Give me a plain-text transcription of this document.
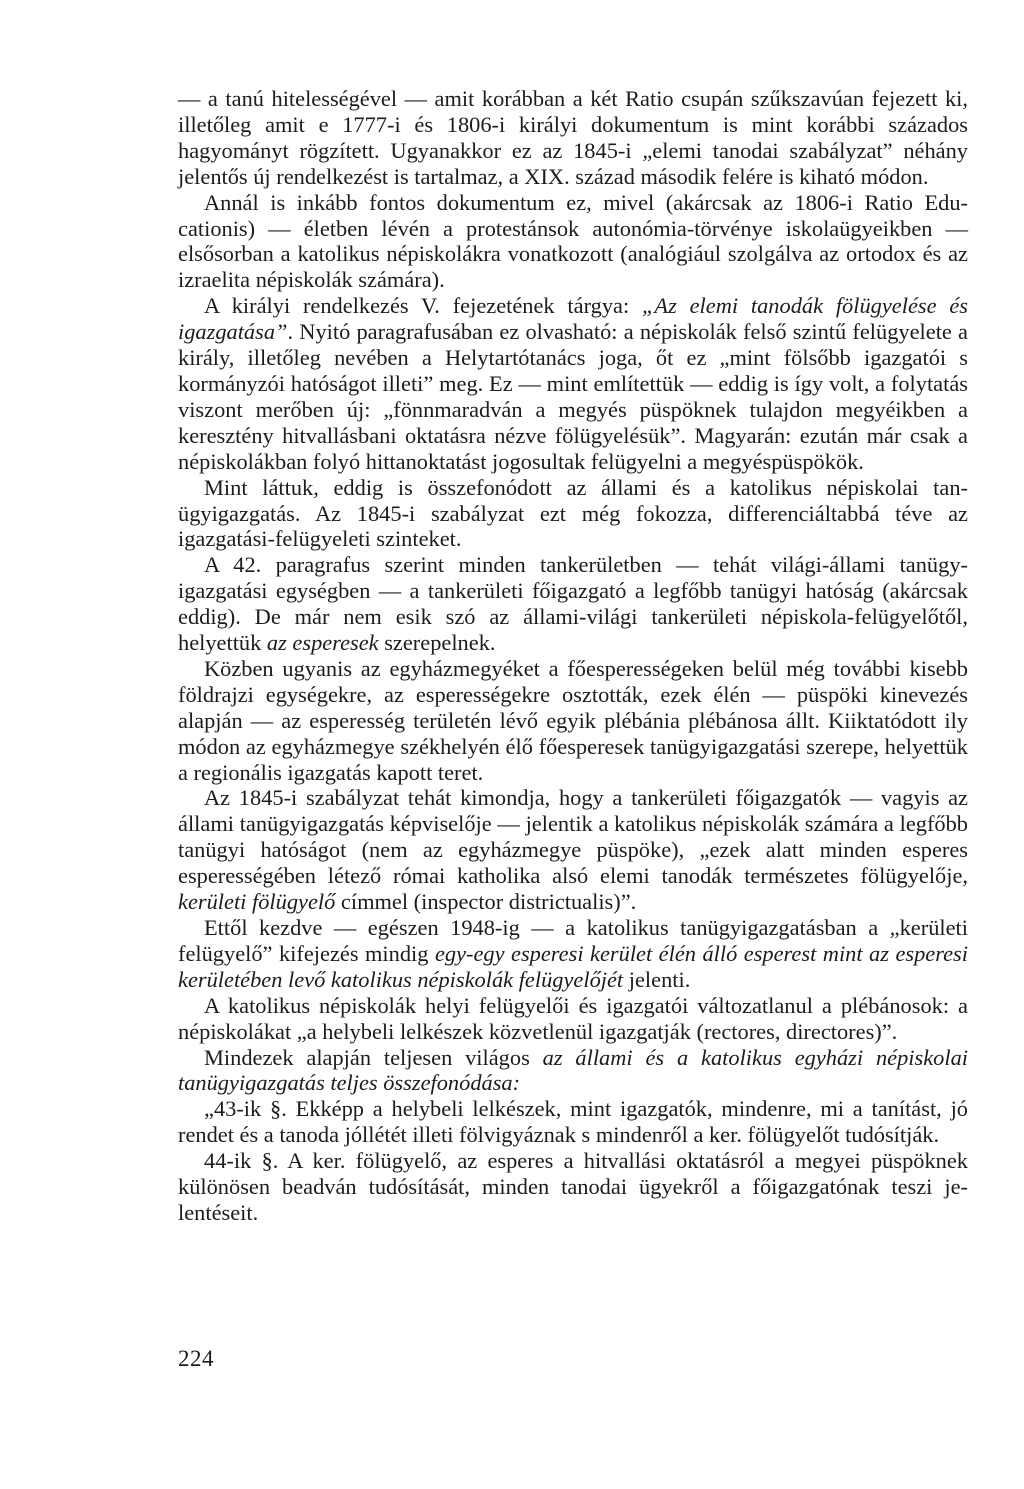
— a tanú hitelességével — amit korábban a két Ratio csupán szűkszavúan fejezett ki, illetőleg amit e 1777-i és 1806-i királyi dokumentum is mint korábbi százados hagyományt rögzített. Ugyanakkor ez az 1845-i „elemi tanodai szabályzat” néhány jelentős új rendelkezést is tartalmaz, a XIX. század második felére is kiható módon.

Annál is inkább fontos dokumentum ez, mivel (akárcsak az 1806-i Ratio Educationis) — életben lévén a protestánsok autonómia-törvénye iskolaügyeikben — elsősorban a katolikus népiskolákra vonatkozott (analógiául szolgálva az ortodox és az izraelita népiskolák számára).

A királyi rendelkezés V. fejezetének tárgya: „Az elemi tanodák fölügyelése és igazgatása”. Nyitó paragrafusában ez olvasható: a népiskolák felső szintű felügyelete a király, illetőleg nevében a Helytartótanács joga, őt ez „mint fölsőbb igazgatói s kormányzói hatóságot illeti” meg. Ez — mint említettük — eddig is így volt, a folytatás viszont merőben új: „fönnmaradván a megyés püspöknek tulajdon megyéikben a keresztény hitvallásbani oktatásra nézve fölügyelésük”. Magyarán: ezután már csak a népiskolákban folyó hittanoktatást jogosultak felügyelni a megyéspüspökök.

Mint láttuk, eddig is összefonódott az állami és a katolikus népiskolai tanügyigazgatás. Az 1845-i szabályzat ezt még fokozza, differenciáltabbá téve az igazgatási-felügyeleti szinteket.

A 42. paragrafus szerint minden tankerületben — tehát világi-állami tanügyigazgatási egységben — a tankerületi főigazgató a legfőbb tanügyi hatóság (akárcsak eddig). De már nem esik szó az állami-világi tankerületi népiskola-felügyelőtől, helyettük az esperesek szerepelnek.

Közben ugyanis az egyházmegyéket a főesperességeken belül még további kisebb földrajzi egységekre, az esperességekre osztották, ezek élén — püspöki kinevezés alapján — az esperesség területén lévő egyik plébánia plébánosa állt. Kiiktatódott ily módon az egyházmegye székhelyén élő főesperesek tanügyigazgatási szerepe, helyettük a regionális igazgatás kapott teret.

Az 1845-i szabályzat tehát kimondja, hogy a tankerületi főigazgatók — vagyis az állami tanügyigazgatás képviselője — jelentik a katolikus népiskolák számára a legfőbb tanügyi hatóságot (nem az egyházmegye püspöke), „ezek alatt minden esperes esperességében létező római katholika alsó elemi tanodák természetes fölügyelője, kerületi fölügyelő címmel (inspector districtualis)”.

Ettől kezdve — egészen 1948-ig — a katolikus tanügyigazgatásban a „kerületi felügyelő” kifejezés mindig egy-egy esperesi kerület élén álló esperest mint az esperesi kerületében levő katolikus népiskolák felügyelőjét jelenti.

A katolikus népiskolák helyi felügyelői és igazgatói változatlanul a plébánosok: a népiskolákat „a helybeli lelkészek közvetlenül igazgatják (rectores, directores)”.

Mindezek alapján teljesen világos az állami és a katolikus egyházi népiskolai tanügyigazgatás teljes összefonódása:

„43-ik §. Ekképp a helybeli lelkészek, mint igazgatók, mindenre, mi a tanítást, jó rendet és a tanoda jóllétét illeti fölvigyáznak s mindenről a ker. fölügyelőt tudósítják.

44-ik §. A ker. fölügyelő, az esperes a hitvallási oktatásról a megyei püspöknek különösen beadván tudósítását, minden tanodai ügyekről a főigazgatónak teszi jelentéseit.

224
